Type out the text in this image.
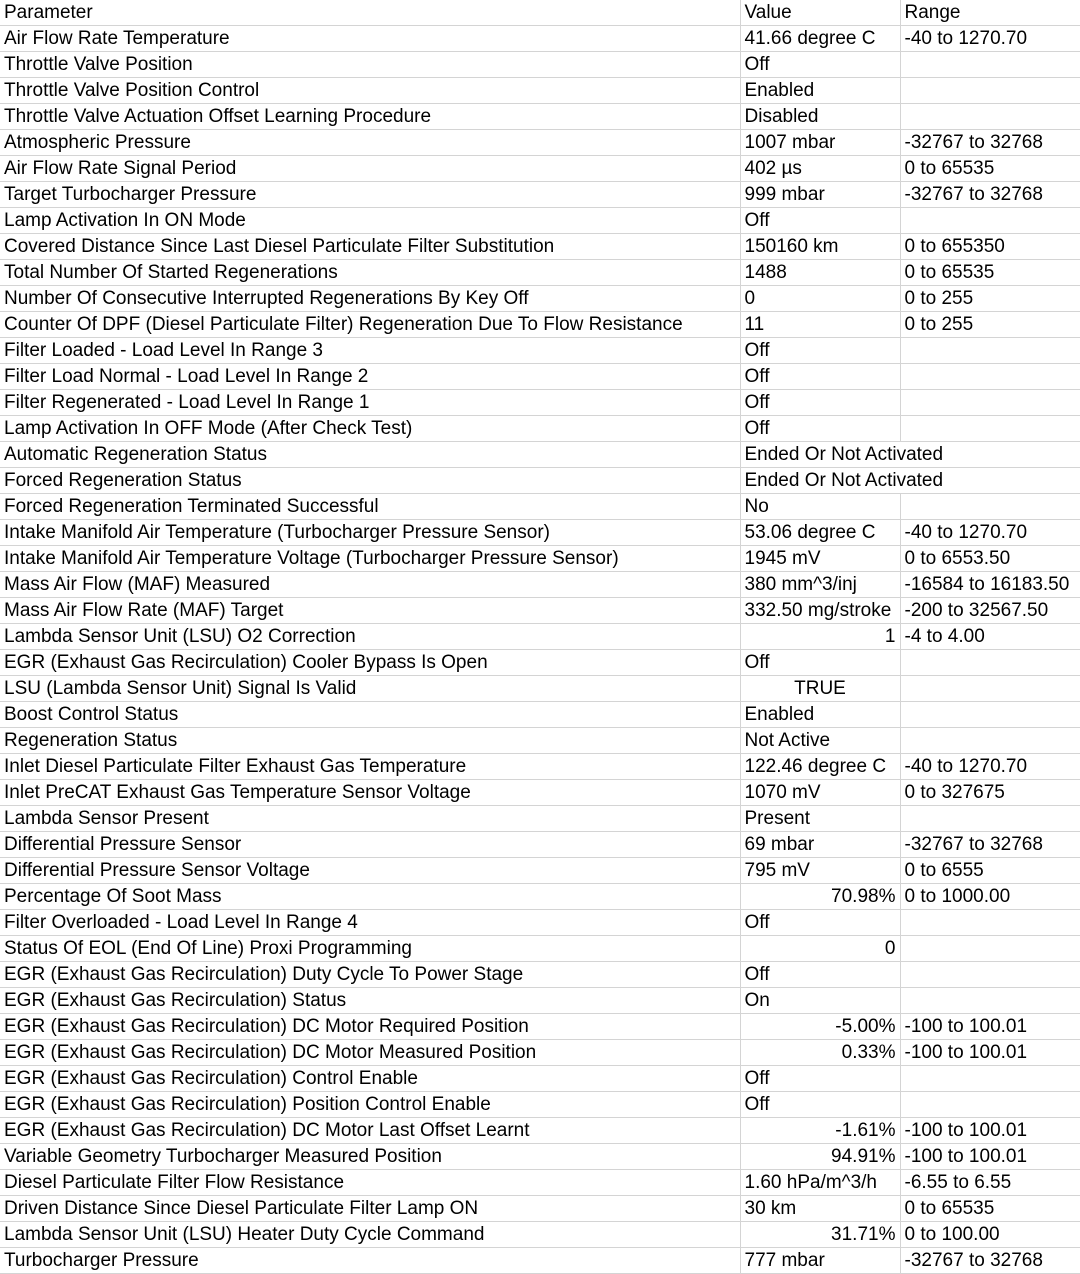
Parameter	Value	Range
Air Flow Rate Temperature	41.66 degree C	-40 to 1270.70
Throttle Valve Position	Off	
Throttle Valve Position Control	Enabled	
Throttle Valve Actuation Offset Learning Procedure	Disabled	
Atmospheric Pressure	1007 mbar	-32767 to 32768
Air Flow Rate Signal Period	402 µs	0 to 65535
Target Turbocharger Pressure	999 mbar	-32767 to 32768
Lamp Activation In ON Mode	Off	
Covered Distance Since Last Diesel Particulate Filter Substitution	150160 km	0 to 655350
Total Number Of Started Regenerations	1488	0 to 65535
Number Of Consecutive Interrupted Regenerations By Key Off	0	0 to 255
Counter Of DPF (Diesel Particulate Filter) Regeneration Due To Flow Resistance	11	0 to 255
Filter Loaded - Load Level In Range 3	Off	
Filter Load Normal - Load Level In Range 2	Off	
Filter Regenerated - Load Level In Range 1	Off	
Lamp Activation In OFF Mode (After Check Test)	Off	
Automatic Regeneration Status	Ended Or Not Activated	
Forced Regeneration Status	Ended Or Not Activated	
Forced Regeneration Terminated Successful	No	
Intake Manifold Air Temperature (Turbocharger Pressure Sensor)	53.06 degree C	-40 to 1270.70
Intake Manifold Air Temperature Voltage (Turbocharger Pressure Sensor)	1945 mV	0 to 6553.50
Mass Air Flow (MAF) Measured	380 mm^3/inj	-16584 to 16183.50
Mass Air Flow Rate (MAF) Target	332.50 mg/stroke	-200 to 32567.50
Lambda Sensor Unit (LSU) O2 Correction	1	-4 to 4.00
EGR (Exhaust Gas Recirculation) Cooler Bypass Is Open	Off	
LSU (Lambda Sensor Unit) Signal Is Valid	TRUE	
Boost Control Status	Enabled	
Regeneration Status	Not Active	
Inlet Diesel Particulate Filter Exhaust Gas Temperature	122.46 degree C	-40 to 1270.70
Inlet PreCAT Exhaust Gas Temperature Sensor Voltage	1070 mV	0 to 327675
Lambda Sensor Present	Present	
Differential Pressure Sensor	69 mbar	-32767 to 32768
Differential Pressure Sensor Voltage	795 mV	0 to 6555
Percentage Of Soot Mass	70.98%	0 to 1000.00
Filter Overloaded - Load Level In Range 4	Off	
Status Of EOL (End Of Line) Proxi Programming	0	
EGR (Exhaust Gas Recirculation) Duty Cycle To Power Stage	Off	
EGR (Exhaust Gas Recirculation) Status	On	
EGR (Exhaust Gas Recirculation) DC Motor Required Position	-5.00%	-100 to 100.01
EGR (Exhaust Gas Recirculation) DC Motor Measured Position	0.33%	-100 to 100.01
EGR (Exhaust Gas Recirculation) Control Enable	Off	
EGR (Exhaust Gas Recirculation) Position Control Enable	Off	
EGR (Exhaust Gas Recirculation) DC Motor Last Offset Learnt	-1.61%	-100 to 100.01
Variable Geometry Turbocharger Measured Position	94.91%	-100 to 100.01
Diesel Particulate Filter Flow Resistance	1.60 hPa/m^3/h	-6.55 to 6.55
Driven Distance Since Diesel Particulate Filter Lamp ON	30 km	0 to 65535
Lambda Sensor Unit (LSU) Heater Duty Cycle Command	31.71%	0 to 100.00
Turbocharger Pressure	777 mbar	-32767 to 32768
